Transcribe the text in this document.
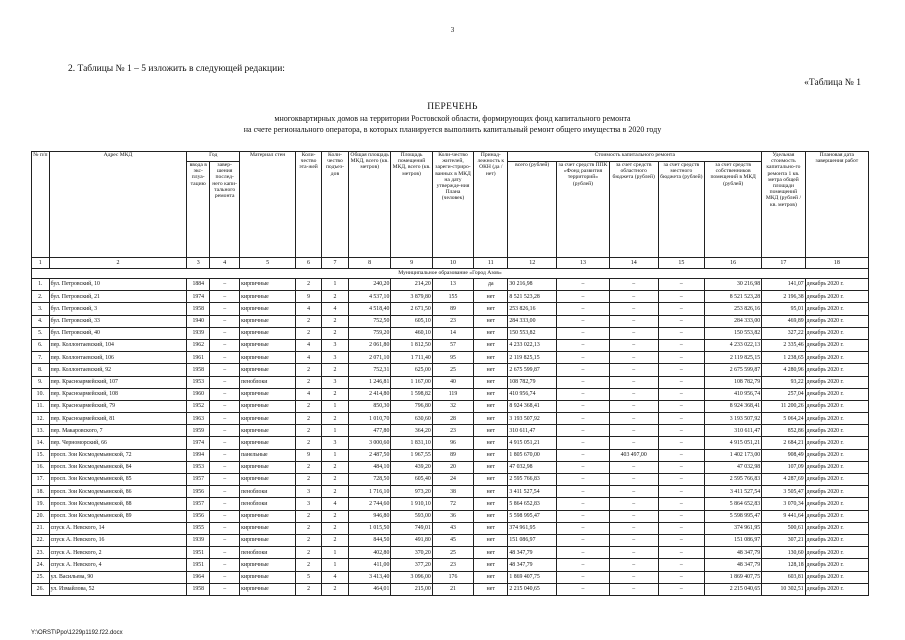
3
2. Таблицы № 1 – 5 изложить в следующей редакции:
«Таблица № 1
ПЕРЕЧЕНЬ
многоквартирных домов на территории Ростовской области, формирующих фонд капитального ремонта
на счете регионального оператора, в которых планируется выполнить капитальный ремонт общего имущества в 2020 году
№ п/п	Адрес МКД	Год		Материал стен	Коли-чество эта-жей	Коли-чество подъез-дов	Общая площадь МКД, всего (кв. метров)	Площадь помещений МКД, всего (кв. метров)	Коли-чество жителей, зареги-стриро-ванных в МКД на дату утвержде-ния Плана (человек)	Принад-лежность к ОКН (да / нет)	Стоимость капитального ремонта					Удельная стоимость капитально-го ремонта 1 кв. метра общей площади помещений МКД (рублей / кв. метров)	Плановая дата завершения работ
		ввода в экс-плуа-тацию	завер-шения послед-него капи-тального ремонта								всего (рублей)	за счет средств ППК «Фонд развития территорий» (рублей)	за счет средств областного бюджета (рублей)	за счет средств местного бюджета (рублей)	за счет средств собственников помещений в МКД (рублей)		
1	2	3	4	5	6	7	8	9	10	11	12	13	14	15	16	17	18
Муниципальное образование «Город Азов»																	
1.	бул. Петровский, 10	1884	–	кирпичные	2	1	240,20	214,20	13	да	30 216,98	–	–	–	30 216,98	141,07	декабрь 2020 г.
2.	бул. Петровский, 21	1974	–	кирпичные	9	2	4 537,10	3 879,80	155	нет	8 521 523,28	–	–	–	8 521 523,28	2 196,38	декабрь 2020 г.
3.	бул. Петровский, 3	1958	–	кирпичные	4	4	4 518,40	2 671,50	89	нет	253 826,16	–	–	–	253 826,16	95,01	декабрь 2020 г.
4.	бул. Петровский, 33	1940	–	кирпичные	2	2	752,50	605,10	23	нет	284 333,00	–	–	–	284 333,00	469,89	декабрь 2020 г.
5.	бул. Петровский, 40	1939	–	кирпичные	2	2	759,20	460,10	14	нет	150 553,82	–	–	–	150 553,82	327,22	декабрь 2020 г.
6.	пер. Коллонтаевский, 104	1962	–	кирпичные	4	3	2 061,80	1 812,50	57	нет	4 233 022,13	–	–	–	4 233 022,13	2 335,46	декабрь 2020 г.
7.	пер. Коллонтаевский, 106	1961	–	кирпичные	4	3	2 071,10	1 711,40	95	нет	2 119 825,15	–	–	–	2 119 825,15	1 238,65	декабрь 2020 г.
8.	пер. Коллонтаевский, 92	1958	–	кирпичные	2	2	752,31	625,00	25	нет	2 675 599,87	–	–	–	2 675 599,87	4 280,96	декабрь 2020 г.
9.	пер. Красноармейский, 107	1953	–	пеноблоки	2	3	1 246,81	1 167,00	40	нет	108 782,79	–	–	–	108 782,79	93,22	декабрь 2020 г.
10.	пер. Красноармейский, 108	1960	–	кирпичные	4	2	2 414,80	1 598,82	119	нет	410 956,74	–	–	–	410 956,74	257,04	декабрь 2020 г.
11.	пер. Красноармейский, 79	1952	–	кирпичные	2	1	850,30	796,80	32	нет	8 924 368,41	–	–	–	8 924 368,41	11 200,26	декабрь 2020 г.
12.	пер. Красноармейский, 81	1963	–	кирпичные	2	2	1 010,70	630,60	28	нет	3 193 507,92	–	–	–	3 193 507,92	5 064,24	декабрь 2020 г.
13.	пер. Макаровского, 7	1959	–	кирпичные	2	1	477,80	364,20	23	нет	310 611,47	–	–	–	310 611,47	852,86	декабрь 2020 г.
14.	пер. Черноморский, 66	1974	–	кирпичные	2	3	3 000,60	1 831,10	96	нет	4 915 051,21	–	–	–	4 915 051,21	2 684,21	декабрь 2020 г.
15.	просп. Зои Космодемьянской, 72	1994	–	панельные	9	1	2 487,50	1 967,55	89	нет	1 805 670,00	–	403 497,00	–	1 402 173,00	908,49	декабрь 2020 г.
16.	просп. Зои Космодемьянской, 84	1953	–	кирпичные	2	2	484,10	439,20	20	нет	47 032,98	–	–	–	47 032,98	107,09	декабрь 2020 г.
17.	просп. Зои Космодемьянской, 85	1957	–	кирпичные	2	2	728,50	605,40	24	нет	2 595 766,83	–	–	–	2 595 766,83	4 287,69	декабрь 2020 г.
18.	просп. Зои Космодемьянской, 86	1956	–	пеноблоки	3	2	1 716,10	973,20	38	нет	3 411 527,54	–	–	–	3 411 527,54	3 505,47	декабрь 2020 г.
19.	просп. Зои Космодемьянской, 88	1957	–	пеноблоки	3	4	2 744,60	1 910,10	72	нет	5 864 652,83	–	–	–	5 864 652,83	3 070,34	декабрь 2020 г.
20.	просп. Зои Космодемьянской, 89	1956	–	кирпичные	2	2	946,80	593,00	36	нет	5 598 995,47	–	–	–	5 598 995,47	9 441,64	декабрь 2020 г.
21.	спуск А. Невского, 14	1955	–	кирпичные	2	2	1 015,50	749,01	43	нет	374 961,95	–	–	–	374 961,95	500,61	декабрь 2020 г.
22.	спуск А. Невского, 16	1939	–	кирпичные	2	2	844,50	491,80	45	нет	151 086,97	–	–	–	151 086,97	307,21	декабрь 2020 г.
23.	спуск А. Невского, 2	1951	–	пеноблоки	2	1	402,80	370,20	25	нет	48 347,79	–	–	–	48 347,79	130,60	декабрь 2020 г.
24.	спуск А. Невского, 4	1951	–	кирпичные	2	1	411,00	377,20	23	нет	48 347,79	–	–	–	48 347,79	128,18	декабрь 2020 г.
25.	ул. Васильева, 90	1964	–	кирпичные	5	4	3 413,40	3 096,00	176	нет	1 869 407,75	–	–	–	1 869 407,75	603,81	декабрь 2020 г.
26.	ул. Измайлова, 52	1958	–	кирпичные	2	2	464,01	215,00	21	нет	2 215 040,65	–	–	–	2 215 040,65	10 302,51	декабрь 2020 г.
Y:\ORST\Ppo\1229p1192.f22.docx
